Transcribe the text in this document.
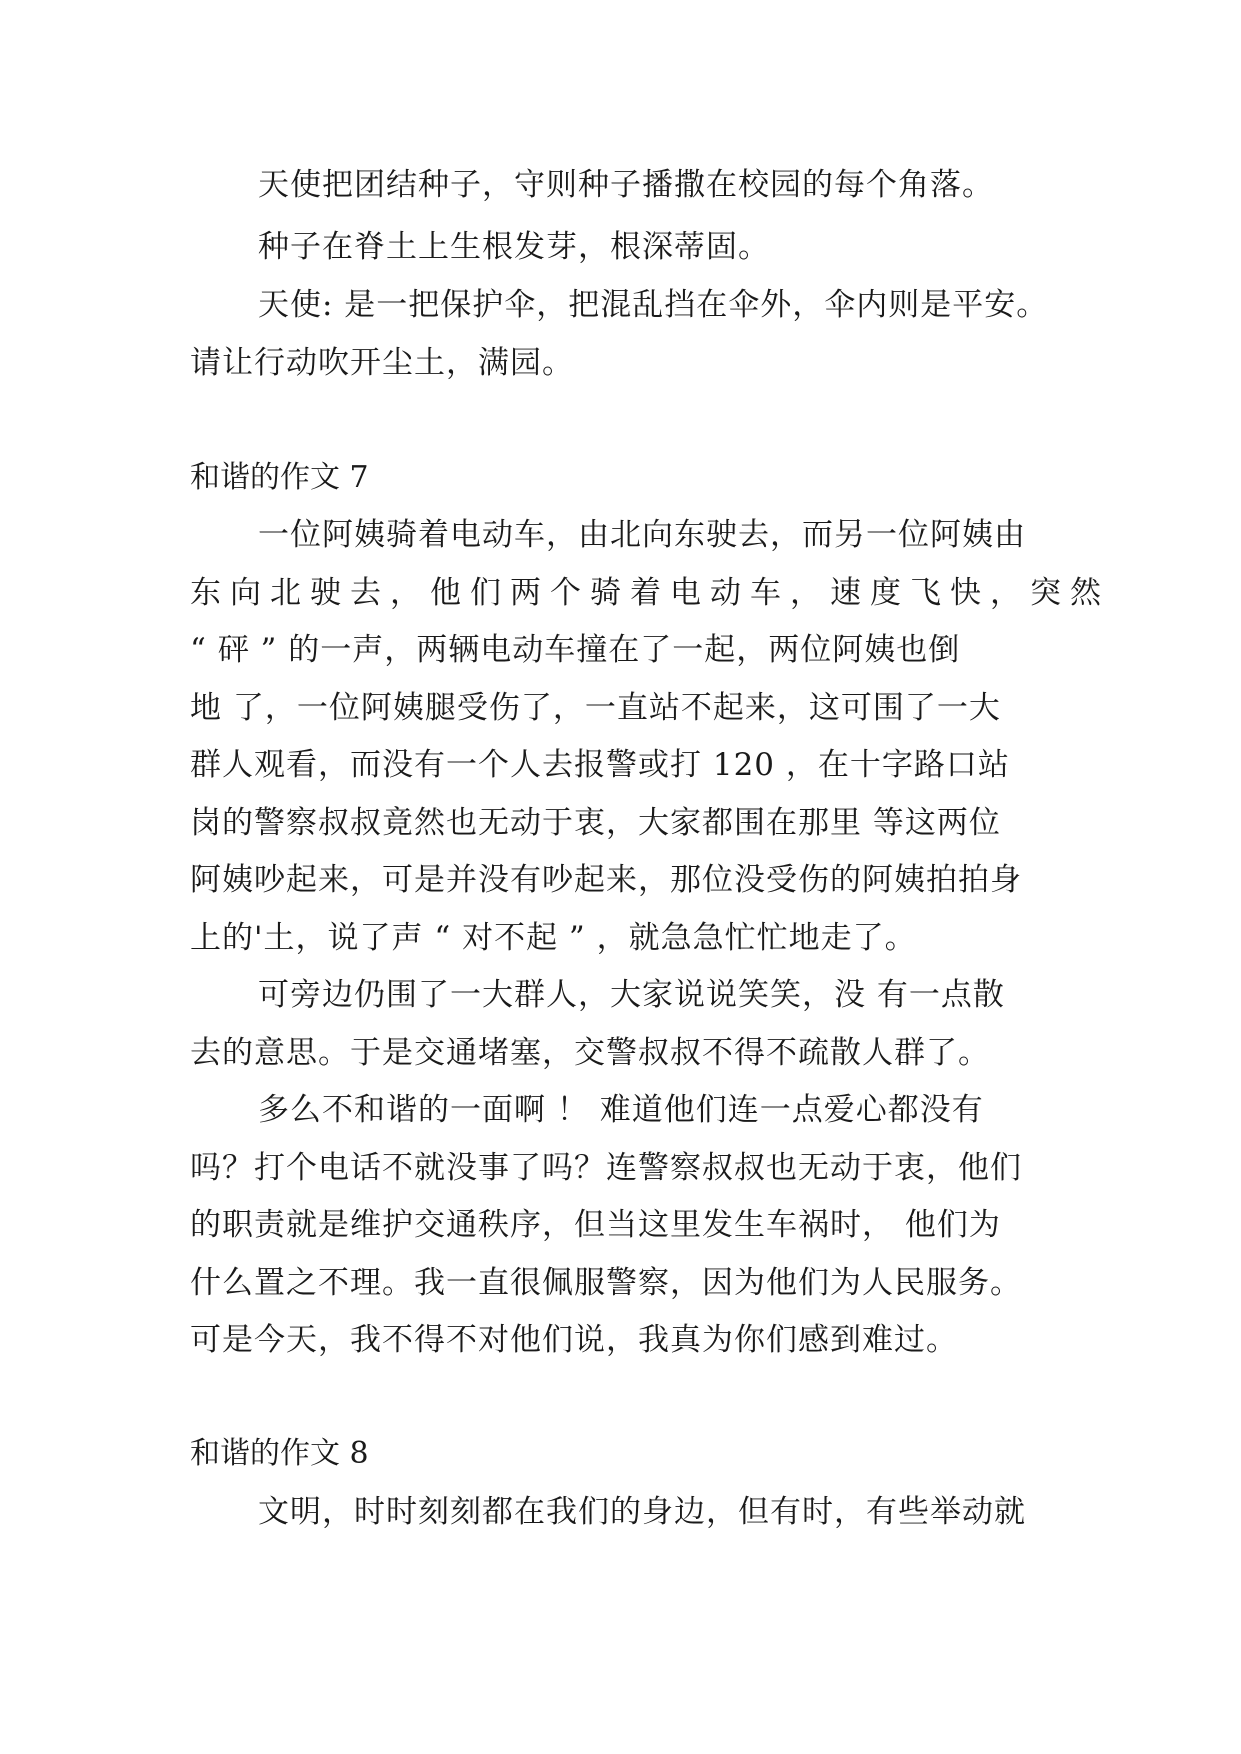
天使把团结种子，守则种子播撒在校园的每个角落。
种子在脊土上生根发芽，根深蒂固。
天使: 是一把保护伞，把混乱挡在伞外，伞内则是平安。
请让行动吹开尘土，满园。
和谐的作文 7
一位阿姨骑着电动车，由北向东驶去，而另一位阿姨由
东向北驶去，他们两个骑着电动车，速度飞快，突然
“ 砰 ” 的一声，两辆电动车撞在了一起，两位阿姨也倒
地 了，一位阿姨腿受伤了，一直站不起来，这可围了一大
群人观看，而没有一个人去报警或打 120 ，在十字路口站
岗的警察叔叔竟然也无动于衷，大家都围在那里 等这两位
阿姨吵起来，可是并没有吵起来，那位没受伤的阿姨拍拍身
上的'土，说了声 “ 对不起 ” ，就急急忙忙地走了。
可旁边仍围了一大群人，大家说说笑笑，没 有一点散
去的意思。于是交通堵塞，交警叔叔不得不疏散人群了。
多么不和谐的一面啊 ！ 难道他们连一点爱心都没有
吗？打个电话不就没事了吗？连警察叔叔也无动于衷，他们
的职责就是维护交通秩序，但当这里发生车祸时， 他们为
什么置之不理。我一直很佩服警察，因为他们为人民服务。
可是今天，我不得不对他们说，我真为你们感到难过。
和谐的作文 8
文明，时时刻刻都在我们的身边，但有时，有些举动就
